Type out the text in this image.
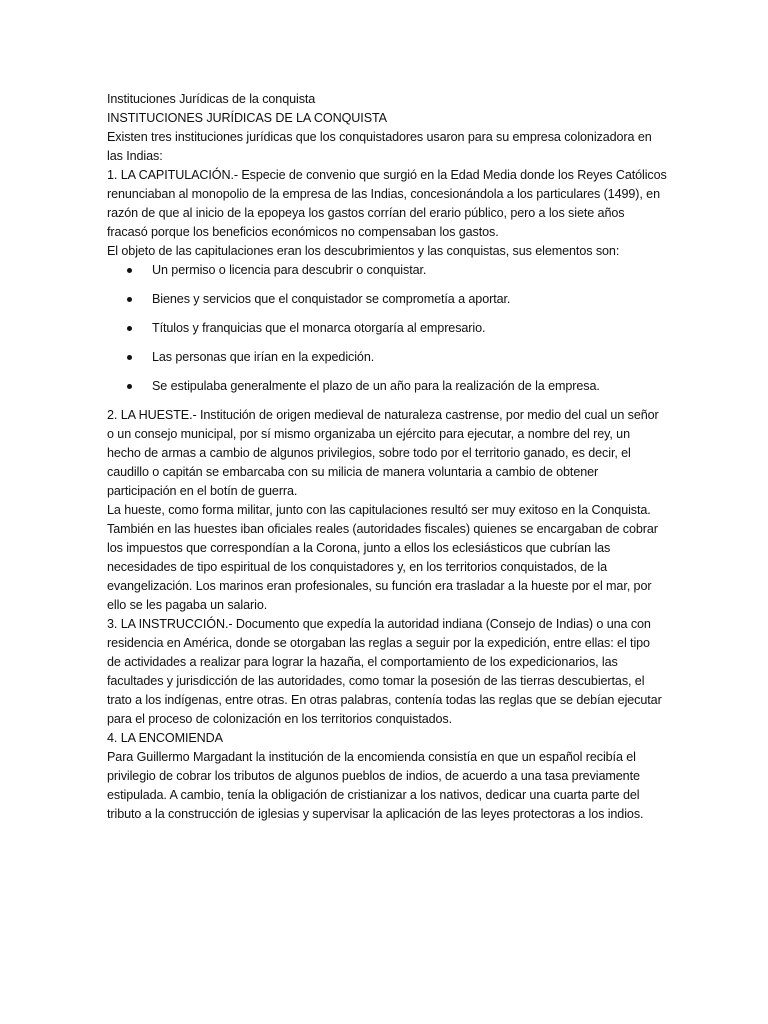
Instituciones Jurídicas de la conquista

INSTITUCIONES JURÍDICAS DE LA CONQUISTA

Existen tres instituciones jurídicas que los conquistadores usaron para su empresa colonizadora en las Indias:

1. LA CAPITULACIÓN.- Especie de convenio que surgió en la Edad Media donde los Reyes Católicos renunciaban al monopolio de la empresa de las Indias, concesionándola a los particulares (1499), en razón de que al inicio de la epopeya los gastos corrían del erario público, pero a los siete años fracasó porque los beneficios económicos no compensaban los gastos.

El objeto de las capitulaciones eran los descubrimientos y las conquistas, sus elementos son:

Un permiso o licencia para descubrir o conquistar.
Bienes y servicios que el conquistador se comprometía a aportar.
Títulos y franquicias que el monarca otorgaría al empresario.
Las personas que irían en la expedición.
Se estipulaba generalmente el plazo de un año para la realización de la empresa.

2. LA HUESTE.- Institución de origen medieval de naturaleza castrense, por medio del cual un señor o un consejo municipal, por sí mismo organizaba un ejército para ejecutar, a nombre del rey, un hecho de armas a cambio de algunos privilegios, sobre todo por el territorio ganado, es decir, el caudillo o capitán se embarcaba con su milicia de manera voluntaria a cambio de obtener participación en el botín de guerra.

La hueste, como forma militar, junto con las capitulaciones resultó ser muy exitoso en la Conquista. También en las huestes iban oficiales reales (autoridades fiscales) quienes se encargaban de cobrar los impuestos que correspondían a la Corona, junto a ellos los eclesiásticos que cubrían las necesidades de tipo espiritual de los conquistadores y, en los territorios conquistados, de la evangelización. Los marinos eran profesionales, su función era trasladar a la hueste por el mar, por ello se les pagaba un salario.

3. LA INSTRUCCIÓN.- Documento que expedía la autoridad indiana (Consejo de Indias) o una con residencia en América, donde se otorgaban las reglas a seguir por la expedición, entre ellas: el tipo de actividades a realizar para lograr la hazaña, el comportamiento de los expedicionarios, las facultades y jurisdicción de las autoridades, como tomar la posesión de las tierras descubiertas, el trato a los indígenas, entre otras. En otras palabras, contenía todas las reglas que se debían ejecutar para el proceso de colonización en los territorios conquistados.

4. LA ENCOMIENDA

Para Guillermo Margadant la institución de la encomienda consistía en que un español recibía el privilegio de cobrar los tributos de algunos pueblos de indios, de acuerdo a una tasa previamente estipulada. A cambio, tenía la obligación de cristianizar a los nativos, dedicar una cuarta parte del tributo a la construcción de iglesias y supervisar la aplicación de las leyes protectoras a los indios.
